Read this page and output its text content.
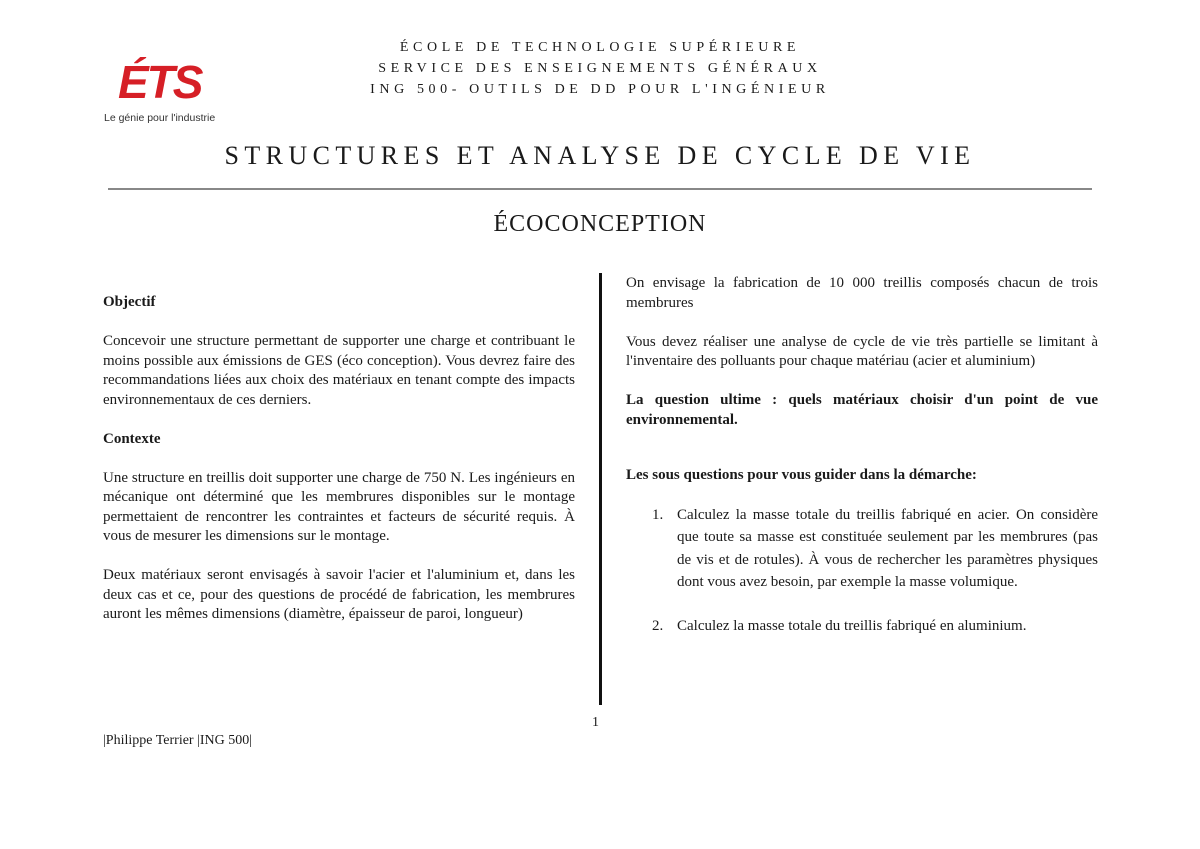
ÉTS
Le génie pour l'industrie
ÉCOLE DE TECHNOLOGIE SUPÉRIEURE
SERVICE DES ENSEIGNEMENTS GÉNÉRAUX
ING 500- OUTILS DE DD POUR L'INGÉNIEUR
STRUCTURES ET ANALYSE DE CYCLE DE VIE
ÉCOCONCEPTION

Objectif

Concevoir une structure permettant de supporter une charge et contribuant le moins possible aux émissions de GES (éco conception). Vous devrez faire des recommandations liées aux choix des matériaux en tenant compte des impacts environnementaux de ces derniers.

Contexte

Une structure en treillis doit supporter une charge de 750 N. Les ingénieurs en mécanique ont déterminé que les membrures disponibles sur le montage permettaient de rencontrer les contraintes et facteurs de sécurité requis. À vous de mesurer les dimensions sur le montage.

Deux matériaux seront envisagés à savoir l'acier et l'aluminium et, dans les deux cas et ce, pour des questions de procédé de fabrication, les membrures auront les mêmes dimensions (diamètre, épaisseur de paroi, longueur)

On envisage la fabrication de 10 000 treillis composés chacun de trois membrures

Vous devez réaliser une analyse de cycle de vie très partielle se limitant à l'inventaire des polluants pour chaque matériau (acier et aluminium)

La question ultime : quels matériaux choisir d'un point de vue environnemental.

Les sous questions pour vous guider dans la démarche:

1. Calculez la masse totale du treillis fabriqué en acier. On considère que toute sa masse est constituée seulement par les membrures (pas de vis et de rotules). À vous de rechercher les paramètres physiques dont vous avez besoin, par exemple la masse volumique.
2. Calculez la masse totale du treillis fabriqué en aluminium.
1
|Philippe Terrier |ING 500|
